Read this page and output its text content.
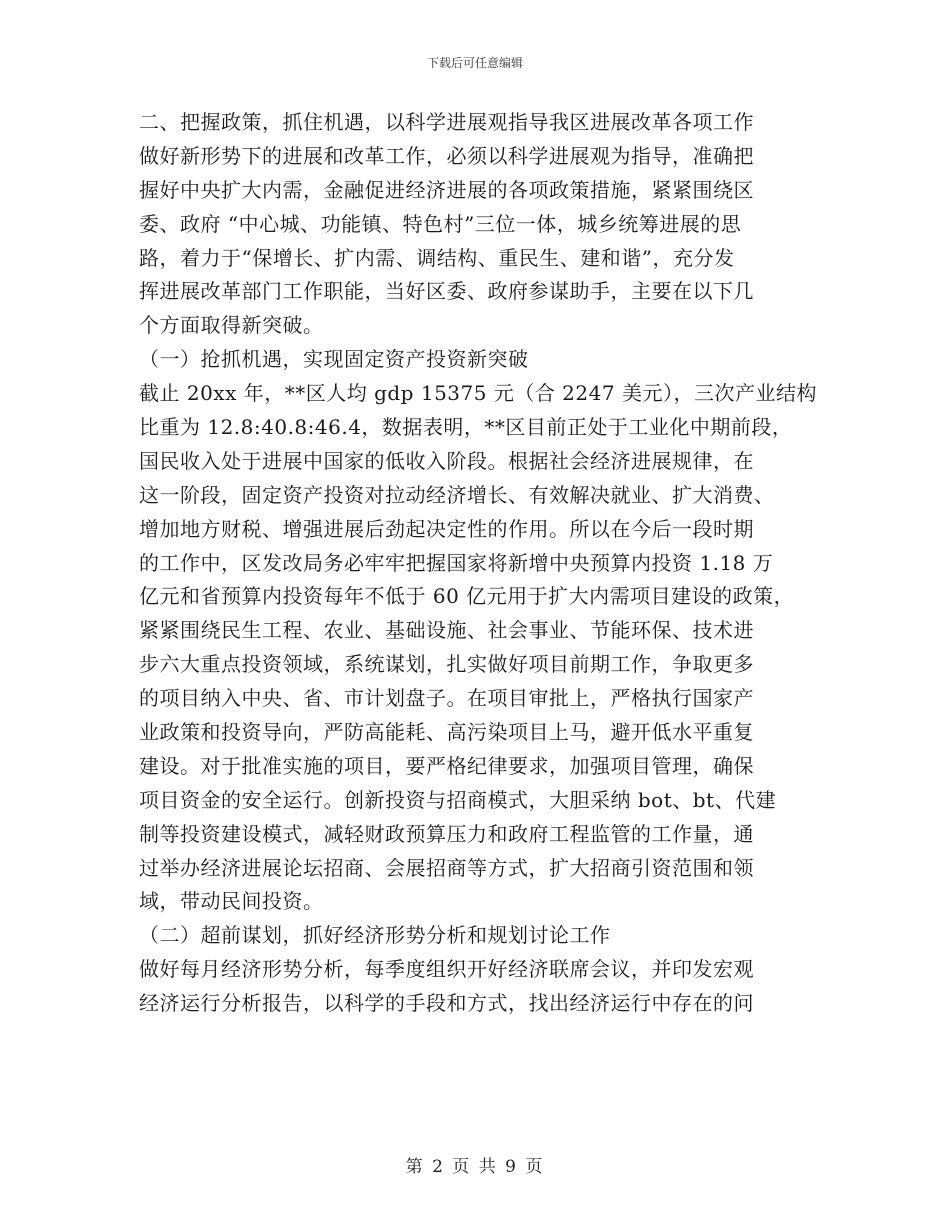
下载后可任意编辑
二、把握政策，抓住机遇，以科学进展观指导我区进展改革各项工作
做好新形势下的进展和改革工作，必须以科学进展观为指导，准确把
握好中央扩大内需，金融促进经济进展的各项政策措施，紧紧围绕区
委、政府 “中心城、功能镇、特色村”三位一体，城乡统筹进展的思
路，着力于“保增长、扩内需、调结构、重民生、建和谐”，充分发
挥进展改革部门工作职能，当好区委、政府参谋助手，主要在以下几
个方面取得新突破。
（一）抢抓机遇，实现固定资产投资新突破
截止 20xx 年，**区人均 gdp 15375 元（合 2247 美元），三次产业结构
比重为 12.8:40.8:46.4，数据表明，**区目前正处于工业化中期前段，
国民收入处于进展中国家的低收入阶段。根据社会经济进展规律，在
这一阶段，固定资产投资对拉动经济增长、有效解决就业、扩大消费、
增加地方财税、增强进展后劲起决定性的作用。所以在今后一段时期
的工作中，区发改局务必牢牢把握国家将新增中央预算内投资 1.18 万
亿元和省预算内投资每年不低于 60 亿元用于扩大内需项目建设的政策，
紧紧围绕民生工程、农业、基础设施、社会事业、节能环保、技术进
步六大重点投资领域，系统谋划，扎实做好项目前期工作，争取更多
的项目纳入中央、省、市计划盘子。在项目审批上，严格执行国家产
业政策和投资导向，严防高能耗、高污染项目上马，避开低水平重复
建设。对于批准实施的项目，要严格纪律要求，加强项目管理，确保
项目资金的安全运行。创新投资与招商模式，大胆采纳 bot、bt、代建
制等投资建设模式，减轻财政预算压力和政府工程监管的工作量，通
过举办经济进展论坛招商、会展招商等方式，扩大招商引资范围和领
域，带动民间投资。
（二）超前谋划，抓好经济形势分析和规划讨论工作
做好每月经济形势分析，每季度组织开好经济联席会议，并印发宏观
经济运行分析报告，以科学的手段和方式，找出经济运行中存在的问
第 2 页 共 9 页
